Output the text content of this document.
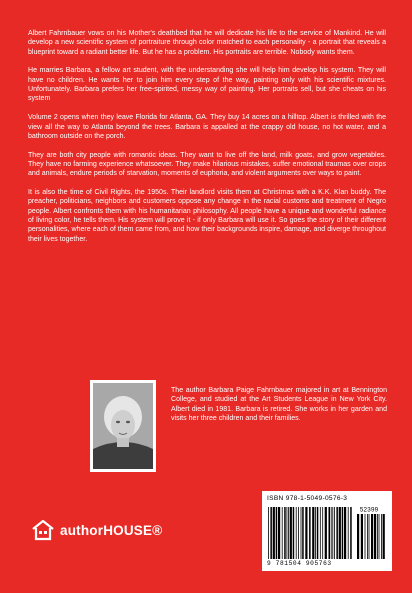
Albert Fahrnbauer vows on his Mother's deathbed that he will dedicate his life to the service of Mankind. He will develop a new scientific system of portraiture through color matched to each personality - a portrait that reveals a blueprint toward a radiant better life. But he has a problem. His portraits are terrible. Nobody wants them.

He marries Barbara, a fellow art student, with the understanding she will help him develop his system. They will have no children. He wants her to join him every step of the way, painting only with his scientific mixtures. Unfortunately. Barbara prefers her free-spirited, messy way of painting. Her portraits sell, but she cheats on his system

Volume 2 opens when they leave Florida for Atlanta, GA. They buy 14 acres on a hilltop. Albert is thrilled with the view all the way to Atlanta beyond the trees. Barbara is appalled at the crappy old house, no hot water, and a bathroom outside on the porch.

They are both city people with romantic ideas. They want to live off the land, milk goats, and grow vegetables. They have no farming experience whatsoever. They make hilarious mistakes, suffer emotional traumas over crops and animals, endure periods of starvation, moments of euphoria, and violent arguments over ways to paint.

It is also the time of Civil Rights, the 1950s. Their landlord visits them at Christmas with a K.K. Klan buddy. The preacher, politicians, neighbors and customers oppose any change in the racial customs and treatment of Negro people. Albert confronts them with his humanitarian philosophy. All people have a unique and wonderful radiance of living color, he tells them. His system will prove it - if only Barbara will use it. So goes the story of their different personalities, where each of them came from, and how their backgrounds inspire, damage, and diverge throughout their lives together.

The author Barbara Paige Fahrnbauer majored in art at Bennington College, and studied at the Art Students League in New York City. Albert died in 1981. Barbara is retired. She works in her garden and visits her three children and their families.
authorHOUSE®
ISBN 978-1-5049-0576-3
52399
9 781504 905763
